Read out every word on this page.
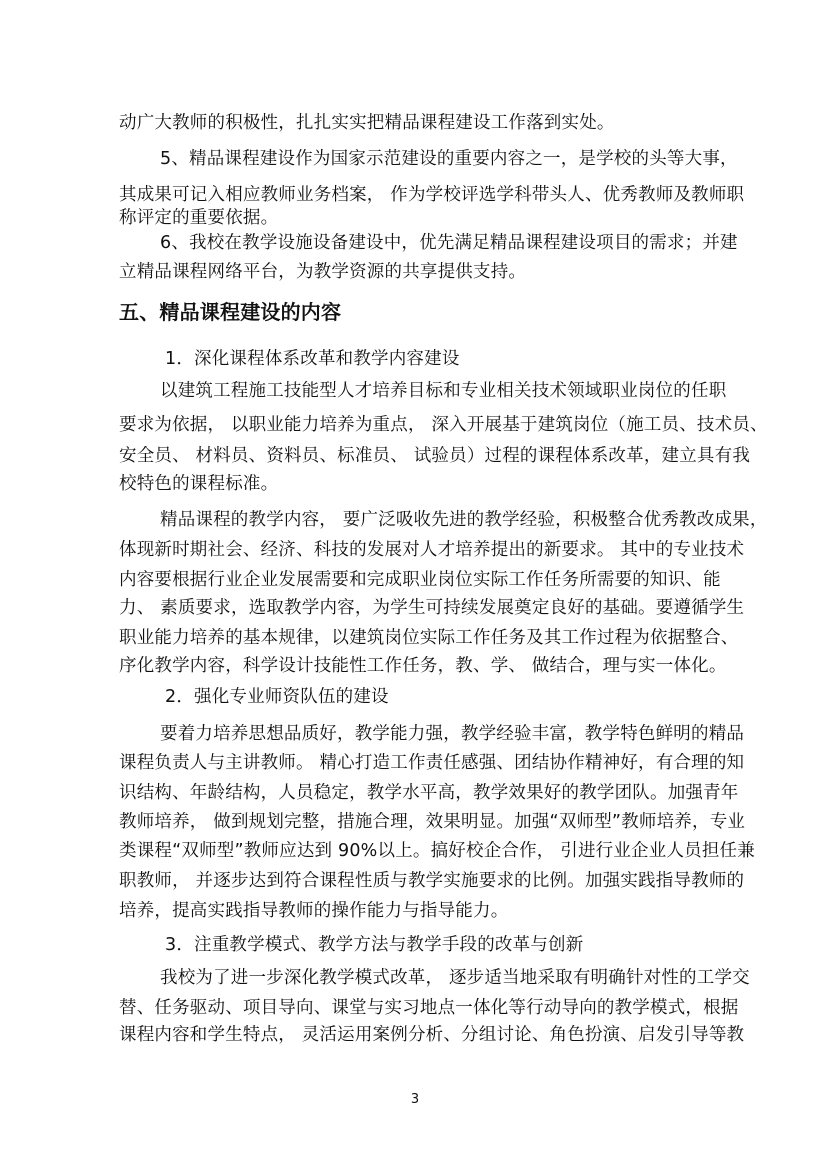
动广大教师的积极性，扎扎实实把精品课程建设工作落到实处。
5、精品课程建设作为国家示范建设的重要内容之一，是学校的头等大事，
其成果可记入相应教师业务档案， 作为学校评选学科带头人、优秀教师及教师职
称评定的重要依据。
6、我校在教学设施设备建设中，优先满足精品课程建设项目的需求；并建
立精品课程网络平台，为教学资源的共享提供支持。
五、精品课程建设的内容
1．深化课程体系改革和教学内容建设
以建筑工程施工技能型人才培养目标和专业相关技术领域职业岗位的任职
要求为依据， 以职业能力培养为重点， 深入开展基于建筑岗位（施工员、技术员、
安全员、 材料员、资料员、标准员、 试验员）过程的课程体系改革，建立具有我
校特色的课程标准。
精品课程的教学内容， 要广泛吸收先进的教学经验，积极整合优秀教改成果，
体现新时期社会、经济、科技的发展对人才培养提出的新要求。 其中的专业技术
内容要根据行业企业发展需要和完成职业岗位实际工作任务所需要的知识、能
力、 素质要求，选取教学内容，为学生可持续发展奠定良好的基础。要遵循学生
职业能力培养的基本规律，以建筑岗位实际工作任务及其工作过程为依据整合、
序化教学内容，科学设计技能性工作任务，教、学、 做结合，理与实一体化。
2．强化专业师资队伍的建设
要着力培养思想品质好，教学能力强，教学经验丰富，教学特色鲜明的精品
课程负责人与主讲教师。 精心打造工作责任感强、团结协作精神好，有合理的知
识结构、年龄结构，人员稳定，教学水平高，教学效果好的教学团队。加强青年
教师培养， 做到规划完整，措施合理，效果明显。加强“双师型”教师培养，专业
类课程“双师型”教师应达到 90%以上。搞好校企合作， 引进行业企业人员担任兼
职教师， 并逐步达到符合课程性质与教学实施要求的比例。加强实践指导教师的
培养，提高实践指导教师的操作能力与指导能力。
3．注重教学模式、教学方法与教学手段的改革与创新
我校为了进一步深化教学模式改革， 逐步适当地采取有明确针对性的工学交
替、任务驱动、项目导向、课堂与实习地点一体化等行动导向的教学模式，根据
课程内容和学生特点， 灵活运用案例分析、分组讨论、角色扮演、启发引导等教
3
